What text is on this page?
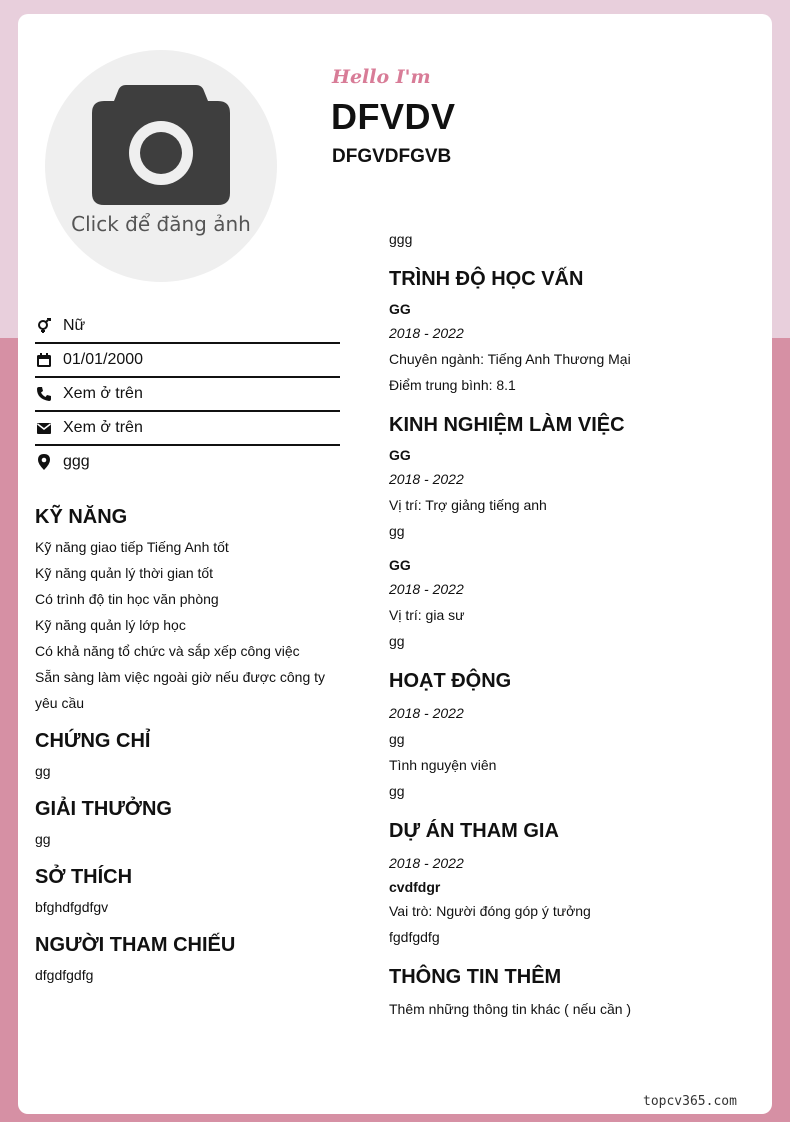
Click để đăng ảnh
Hello I'm
DFVDV
DFGVDFGVB
Nữ
01/01/2000
Xem ở trên
Xem ở trên
ggg
KỸ NĂNG
Kỹ năng giao tiếp Tiếng Anh tốt
Kỹ năng quản lý thời gian tốt
Có trình độ tin học văn phòng
Kỹ năng quản lý lớp học
Có khả năng tổ chức và sắp xếp công việc
Sẵn sàng làm việc ngoài giờ nếu được công ty yêu cầu
CHỨNG CHỈ
gg
GIẢI THƯỞNG
gg
SỞ THÍCH
bfghdfgdfgv
NGƯỜI THAM CHIẾU
dfgdfgdfg
ggg
TRÌNH ĐỘ HỌC VẤN
GG
2018 - 2022
Chuyên ngành: Tiếng Anh Thương Mại
Điểm trung bình: 8.1
KINH NGHIỆM LÀM VIỆC
GG
2018 - 2022
Vị trí: Trợ giảng tiếng anh
gg
GG
2018 - 2022
Vị trí: gia sư
gg
HOẠT ĐỘNG
2018 - 2022
gg
Tình nguyện viên
gg
DỰ ÁN THAM GIA
2018 - 2022
cvdfdgr
Vai trò: Người đóng góp ý tưởng
fgdfgdfg
THÔNG TIN THÊM
Thêm những thông tin khác ( nếu cần )
topcv365.com
